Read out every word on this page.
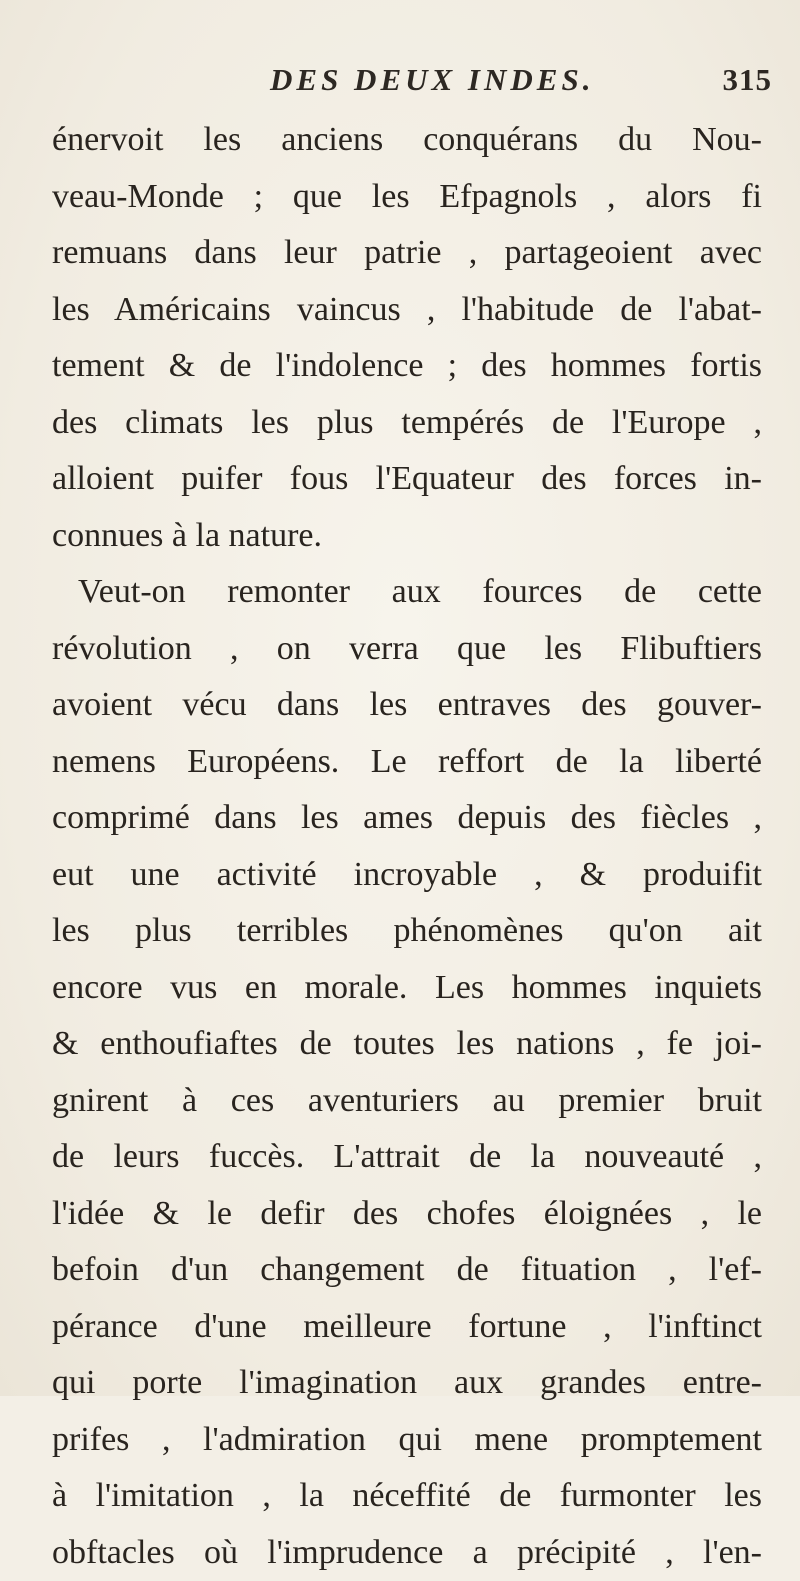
DES DEUX INDES.	315
énervoit les anciens conquérans du Nou-
veau-Monde ; que les Efpagnols , alors fi
remuans dans leur patrie , partageoient avec
les Américains vaincus , l'habitude de l'abat-
tement & de l'indolence ; des hommes fortis
des climats les plus tempérés de l'Europe ,
alloient puifer fous l'Equateur des forces in-
connues à la nature.
Veut-on remonter aux fources de cette
révolution , on verra que les Flibuftiers
avoient vécu dans les entraves des gouver-
nemens Européens. Le reffort de la liberté
comprimé dans les ames depuis des fiècles ,
eut une activité incroyable , & produifit
les plus terribles phénomènes qu'on ait
encore vus en morale. Les hommes inquiets
& enthoufiaftes de toutes les nations , fe joi-
gnirent à ces aventuriers au premier bruit
de leurs fuccès. L'attrait de la nouveauté ,
l'idée & le defir des chofes éloignées , le
befoin d'un changement de fituation , l'ef-
pérance d'une meilleure fortune , l'inftinct
qui porte l'imagination aux grandes entre-
prifes , l'admiration qui mene promptement
à l'imitation , la néceffité de furmonter les
obftacles où l'imprudence a précipité , l'en-
